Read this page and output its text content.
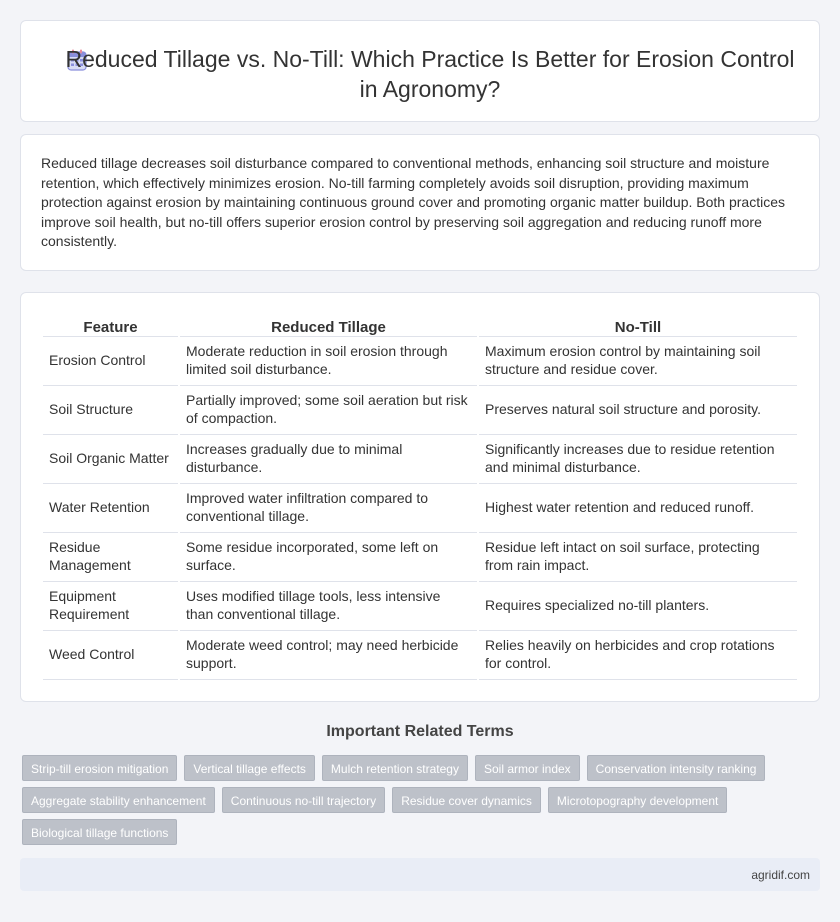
Reduced Tillage vs. No-Till: Which Practice Is Better for Erosion Control in Agronomy?

Reduced tillage decreases soil disturbance compared to conventional methods, enhancing soil structure and moisture retention, which effectively minimizes erosion. No-till farming completely avoids soil disruption, providing maximum protection against erosion by maintaining continuous ground cover and promoting organic matter buildup. Both practices improve soil health, but no-till offers superior erosion control by preserving soil aggregation and reducing runoff more consistently.

Feature	Reduced Tillage	No-Till
Erosion Control	Moderate reduction in soil erosion through limited soil disturbance.	Maximum erosion control by maintaining soil structure and residue cover.
Soil Structure	Partially improved; some soil aeration but risk of compaction.	Preserves natural soil structure and porosity.
Soil Organic Matter	Increases gradually due to minimal disturbance.	Significantly increases due to residue retention and minimal disturbance.
Water Retention	Improved water infiltration compared to conventional tillage.	Highest water retention and reduced runoff.
Residue Management	Some residue incorporated, some left on surface.	Residue left intact on soil surface, protecting from rain impact.
Equipment Requirement	Uses modified tillage tools, less intensive than conventional tillage.	Requires specialized no-till planters.
Weed Control	Moderate weed control; may need herbicide support.	Relies heavily on herbicides and crop rotations for control.
Important Related Terms
Strip-till erosion mitigation	Vertical tillage effects	Mulch retention strategy	Soil armor index	Conservation intensity ranking
Aggregate stability enhancement	Continuous no-till trajectory	Residue cover dynamics	Microtopography development
Biological tillage functions
agridif.com
